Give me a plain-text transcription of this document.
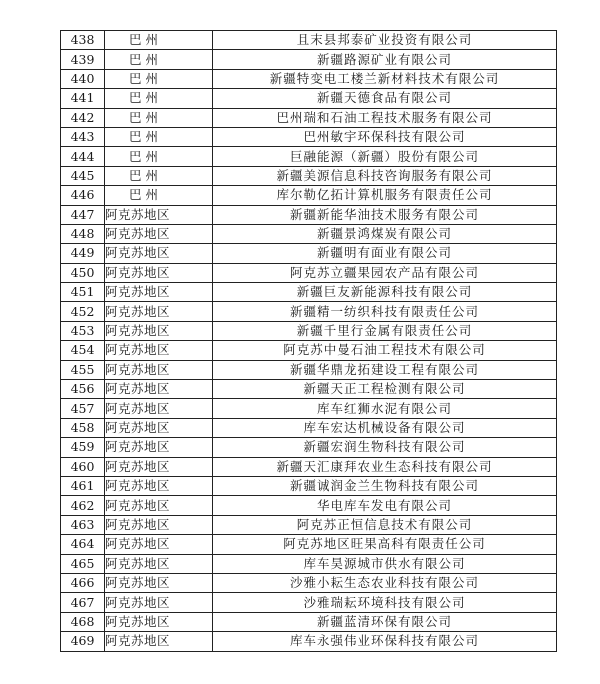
438	巴州	且末县邦泰矿业投资有限公司
439	巴州	新疆路源矿业有限公司
440	巴州	新疆特变电工楼兰新材料技术有限公司
441	巴州	新疆天德食品有限公司
442	巴州	巴州瑞和石油工程技术服务有限公司
443	巴州	巴州敏宇环保科技有限公司
444	巴州	巨融能源（新疆）股份有限公司
445	巴州	新疆美源信息科技咨询服务有限公司
446	巴州	库尔勒亿拓计算机服务有限责任公司
447	阿克苏地区	新疆新能华油技术服务有限公司
448	阿克苏地区	新疆景鸿煤炭有限公司
449	阿克苏地区	新疆明有面业有限公司
450	阿克苏地区	阿克苏立疆果园农产品有限公司
451	阿克苏地区	新疆巨友新能源科技有限公司
452	阿克苏地区	新疆精一纺织科技有限责任公司
453	阿克苏地区	新疆千里行金属有限责任公司
454	阿克苏地区	阿克苏中曼石油工程技术有限公司
455	阿克苏地区	新疆华鼎龙拓建设工程有限公司
456	阿克苏地区	新疆天正工程检测有限公司
457	阿克苏地区	库车红狮水泥有限公司
458	阿克苏地区	库车宏达机械设备有限公司
459	阿克苏地区	新疆宏润生物科技有限公司
460	阿克苏地区	新疆天汇康拜农业生态科技有限公司
461	阿克苏地区	新疆诚润金兰生物科技有限公司
462	阿克苏地区	华电库车发电有限公司
463	阿克苏地区	阿克苏正恒信息技术有限公司
464	阿克苏地区	阿克苏地区旺果高科有限责任公司
465	阿克苏地区	库车昊源城市供水有限公司
466	阿克苏地区	沙雅小耘生态农业科技有限公司
467	阿克苏地区	沙雅瑞耘环境科技有限公司
468	阿克苏地区	新疆蓝清环保有限公司
469	阿克苏地区	库车永强伟业环保科技有限公司
